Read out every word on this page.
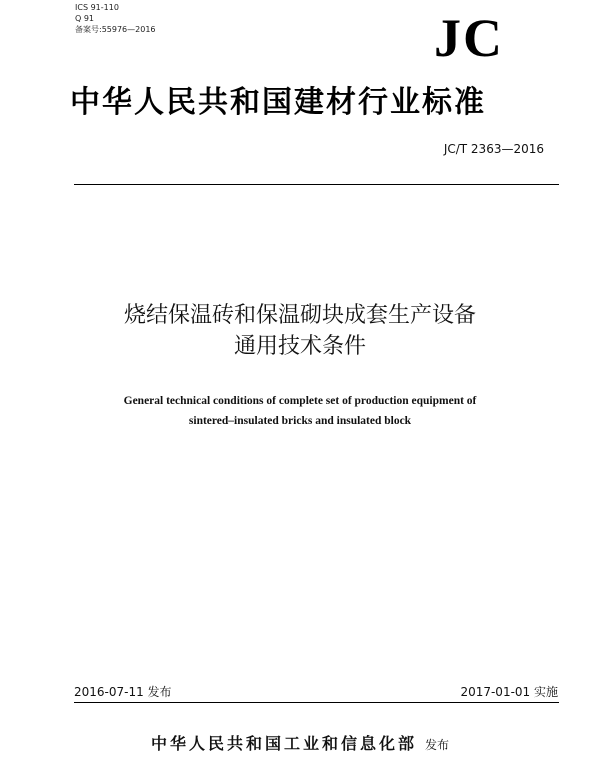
ICS 91-110
Q 91
备案号:55976—2016	JC
中华人民共和国建材行业标准
JC/T 2363—2016
烧结保温砖和保温砌块成套生产设备
通用技术条件
General technical conditions of complete set of production equipment of
sintered–insulated bricks and insulated block
2016-07-11 发布	2017-01-01 实施
中华人民共和国工业和信息化部 发布
